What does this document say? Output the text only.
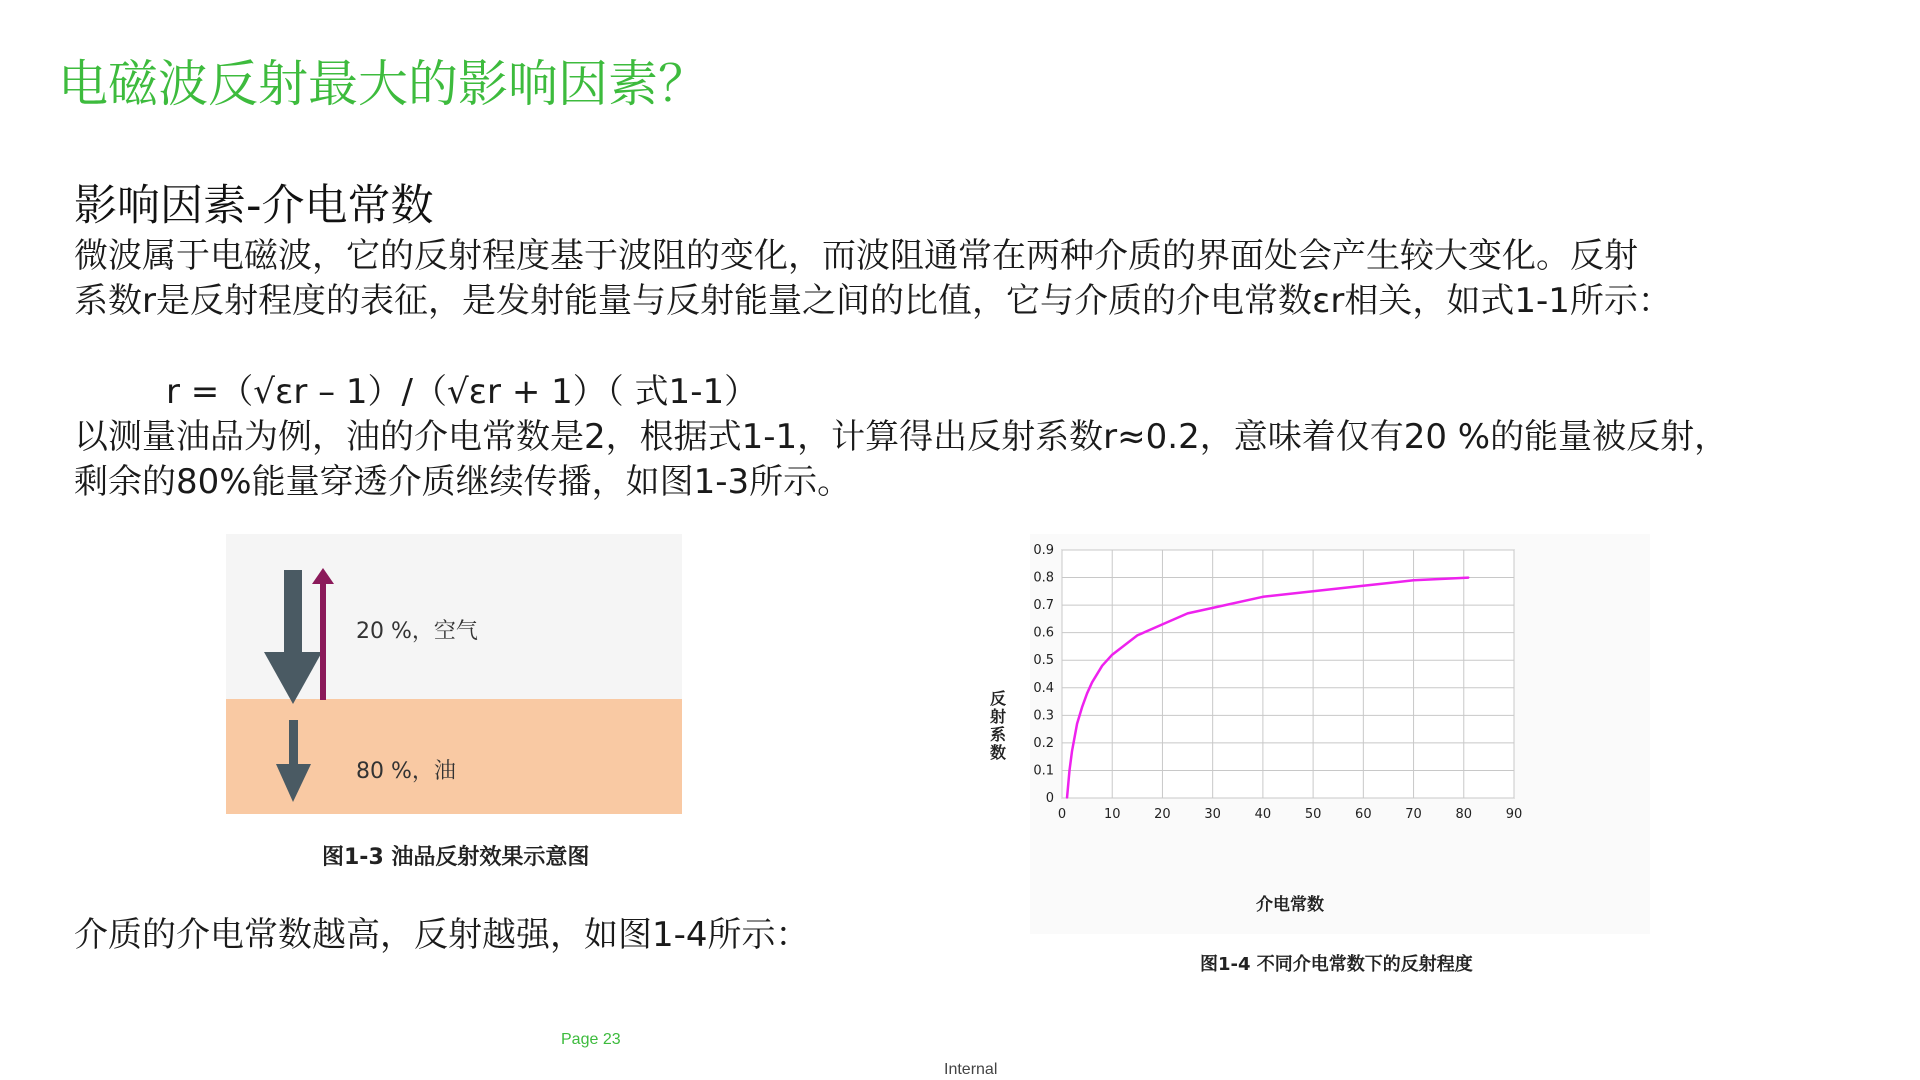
电磁波反射最大的影响因素？
影响因素-介电常数
微波属于电磁波，它的反射程度基于波阻的变化，而波阻通常在两种介质的界面处会产生较大变化。反射
系数r是反射程度的表征，是发射能量与反射能量之间的比值，它与介质的介电常数εr相关，如式1-1所示：
r =（√εr – 1）/（√εr + 1）（ 式1-1）
以测量油品为例，油的介电常数是2，根据式1-1，计算得出反射系数r≈0.2，意味着仅有20 %的能量被反射，
剩余的80%能量穿透介质继续传播，如图1-3所示。
介质的介电常数越高，反射越强，如图1-4所示：
20 %，空气
80 %，油
图1-3 油品反射效果示意图
0	10	20	30	40	50	60	70	80	90
0
0.1
0.2
0.3
0.4
0.5
0.6
0.7
0.8
0.9
反射系数
介电常数
图1-4 不同介电常数下的反射程度
Page 23
Internal
